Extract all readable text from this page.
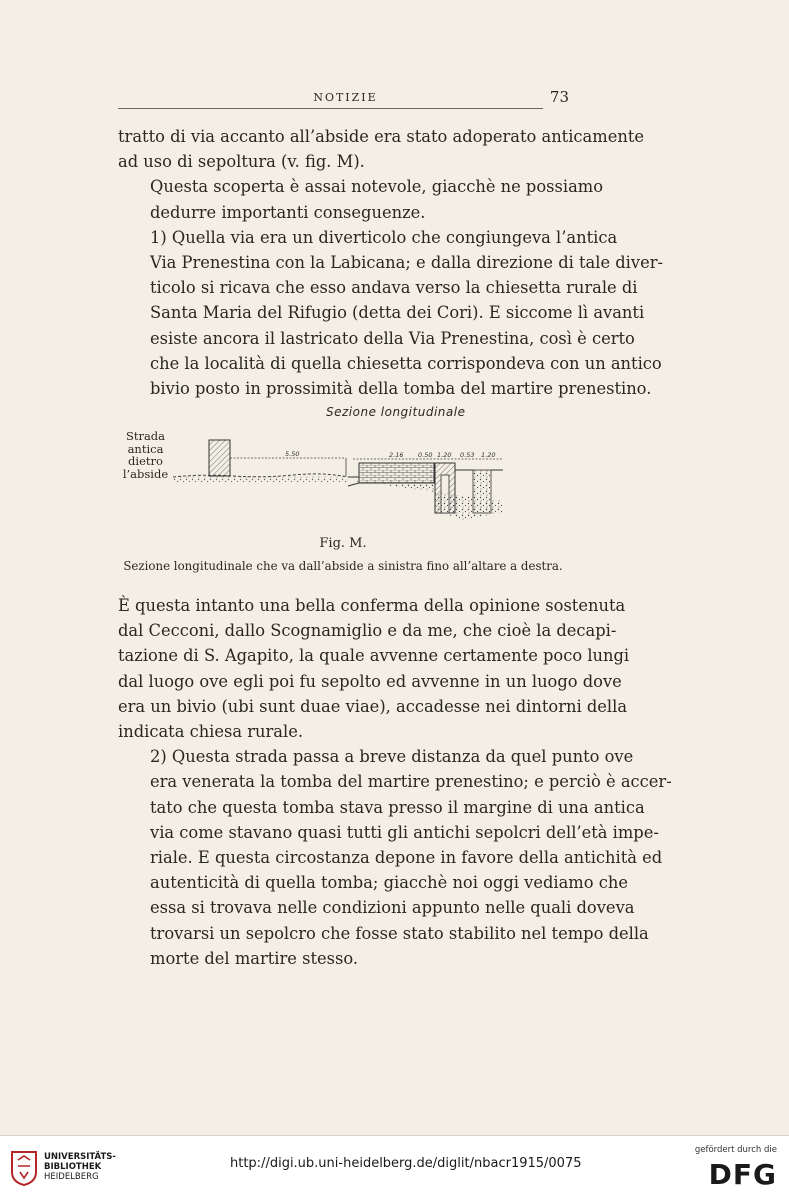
NOTIZIE	73

tratto di via accanto all’abside era stato adoperato anticamente
ad uso di sepoltura (v. fig. M).

Questa scoperta è assai notevole, giacchè ne possiamo
dedurre importanti conseguenze.

1) Quella via era un diverticolo che congiungeva l’antica
Via Prenestina con la Labicana; e dalla direzione di tale diver-
ticolo si ricava che esso andava verso la chiesetta rurale di
Santa Maria del Rifugio (detta dei Cori). E siccome lì avanti
esiste ancora il lastricato della Via Prenestina, così è certo
che la località di quella chiesetta corrispondeva con un antico
bivio posto in prossimità della tomba del martire prenestino.

Sezione longitudinale
Strada
antica
dietro
l’abside
5.50	2.16 0.50 1.20 0.53 1.20
Fig. M.
Sezione longitudinale che va dall’abside a sinistra fino all’altare a destra.

È questa intanto una bella conferma della opinione sostenuta
dal Cecconi, dallo Scognamiglio e da me, che cioè la decapi-
tazione di S. Agapito, la quale avvenne certamente poco lungi
dal luogo ove egli poi fu sepolto ed avvenne in un luogo dove
era un bivio (ubi sunt duae viae), accadesse nei dintorni della
indicata chiesa rurale.

2) Questa strada passa a breve distanza da quel punto ove
era venerata la tomba del martire prenestino; e perciò è accer-
tato che questa tomba stava presso il margine di una antica
via come stavano quasi tutti gli antichi sepolcri dell’età impe-
riale. E questa circostanza depone in favore della antichità ed
autenticità di quella tomba; giacchè noi oggi vediamo che
essa si trovava nelle condizioni appunto nelle quali doveva
trovarsi un sepolcro che fosse stato stabilito nel tempo della
morte del martire stesso.

UNIVERSITÄTS-
BIBLIOTHEK
HEIDELBERG
http://digi.ub.uni-heidelberg.de/diglit/nbacr1915/0075
gefördert durch die
DFG
